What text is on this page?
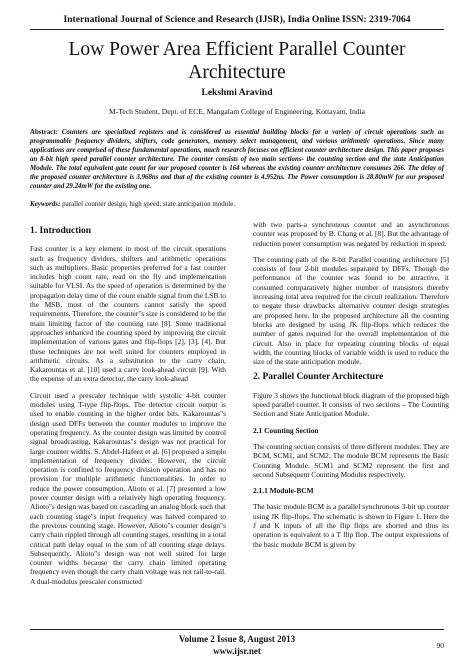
International Journal of Science and Research (IJSR), India Online ISSN: 2319-7064
Low Power Area Efficient Parallel Counter Architecture
Lekshmi Aravind
M-Tech Student, Dept. of ECE, Mangalam College of Engineering, Kottayam, India
Abstract: Counters are specialized registers and is considered as essential building blocks for a variety of circuit operations such as programmable frequency dividers, shifters, code generators, memory select management, and various arithmetic operations. Since many applications are comprised of these fundamental operations, much research focuses on efficient counter architecture design. This paper proposes an 8-bit high speed parallel counter architecture. The counter consists of two main sections- the counting section and the state Anticipation Module. The total equivalent gate count for our proposed counter is 164 whereas the existing counter architecture consumes 266. The delay of the proposed counter architecture is 3.968ns and that of the existing counter is 4.952ns. The Power consumption is 28.80mW for our proposed counter and 29.24mW for the existing one.
Keywords: parallel counter design, high speed, state anticipation module.
1. Introduction

Fast counter is a key element in most of the circuit operations such as frequency dividers, shifters and arithmetic operations such as multipliers. Basic properties preferred for a fast counter includes high count rate, read on the fly and implementation suitable for VLSI. As the speed of operation is determined by the propagation delay time of the count enable signal from the LSB to the MSB, most of the counters cannot satisfy the speed requirements. Therefore, the counter"s size is considered to be the main limiting factor of the counting rate [8]. Some traditional approaches enhanced the counting speed by improving the circuit implementation of various gates and flip-flops [2], [3], [4]. But these techniques are not well suited for counters employed in arithmetic circuits. As a substitution to the carry chain, Kakarountas et al. [10] used a carry look-ahead circuit [9]. With the expense of an extra detector, the carry look-ahead

Circuit used a prescaler technique with systolic 4-bit counter modules using T-type flip-flops. The detector circuit output is used to enable counting in the higher order bits. Kakarountas"s design used DFFs between the counter modules to improve the operating frequency. As the counter design was limited by control signal broadcasting, Kakarountas"s design was not practical for large counter widths. S. Abdel-Hafeez et al. [6] proposed a simple implementation of frequency divider. However, the circuit operation is confined to frequency division operation and has no provision for multiple arithmetic functionalities. In order to reduce the power consumption, Alioto et al. [7] presented a low power counter design with a relatively high operating frequency. Alioto"s design was based on cascading an analog block such that each counting stage"s input frequency was halved compared to the previous counting stage. However, Alioto"s counter design"s carry chain rippled through all counting stages, resulting in a total critical path delay equal to the sum of all counting stage delays. Subsequently, Alioto"s design was not well suited for large counter widths because the carry chain limited operating frequency even though the carry chain voltage was not rail-to-rail. A dual-modulus prescaler constructed

with two parts-a synchronous counter and an asynchronous counter was proposed by B. Chang et al. [8]. But the advantage of reduction power consumption was negated by reduction in speed.

The counting path of the 8-bit Parallel counting architecture [5] consists of four 2-bit modules separated by DFFs. Though the performance of the counter was found to be attractive, it consumed comparatively higher number of transistors thereby increasing total area required for the circuit realization. Therefore to negate these drawbacks alternative counter design strategies are proposed here. In the proposed architecture all the counting blocks are designed by using JK flip-flops which reduces the number of gates required for the overall implementation of the circuit. Also in place for repeating counting blocks of equal width, the counting blocks of variable width is used to reduce the size of the state anticipation module.

2. Parallel Counter Architecture

Figure 3 shows the functional block diagram of the proposed high speed parallel counter. It consists of two sections – The Counting Section and State Anticipation Module.

2.1 Counting Section

The counting section consists of three different modules. They are BCM, SCM1, and SCM2. The module BCM represents the Basic Counting Module. SCM1 and SCM2 represent the first and second Subsequent Counting Modules respectively.

2.1.1 Module-BCM

The basic module BCM is a parallel synchronous 3-bit up counter using JK flip-flops. The schematic is shown in Figure 1. Here the J and K inputs of all the flip flops are shorted and thus its operation is equivalent to a T flip flop. The output expressions of the basic module BCM is given by

Volume 2 Issue 8, August 2013
www.ijsr.net
90
